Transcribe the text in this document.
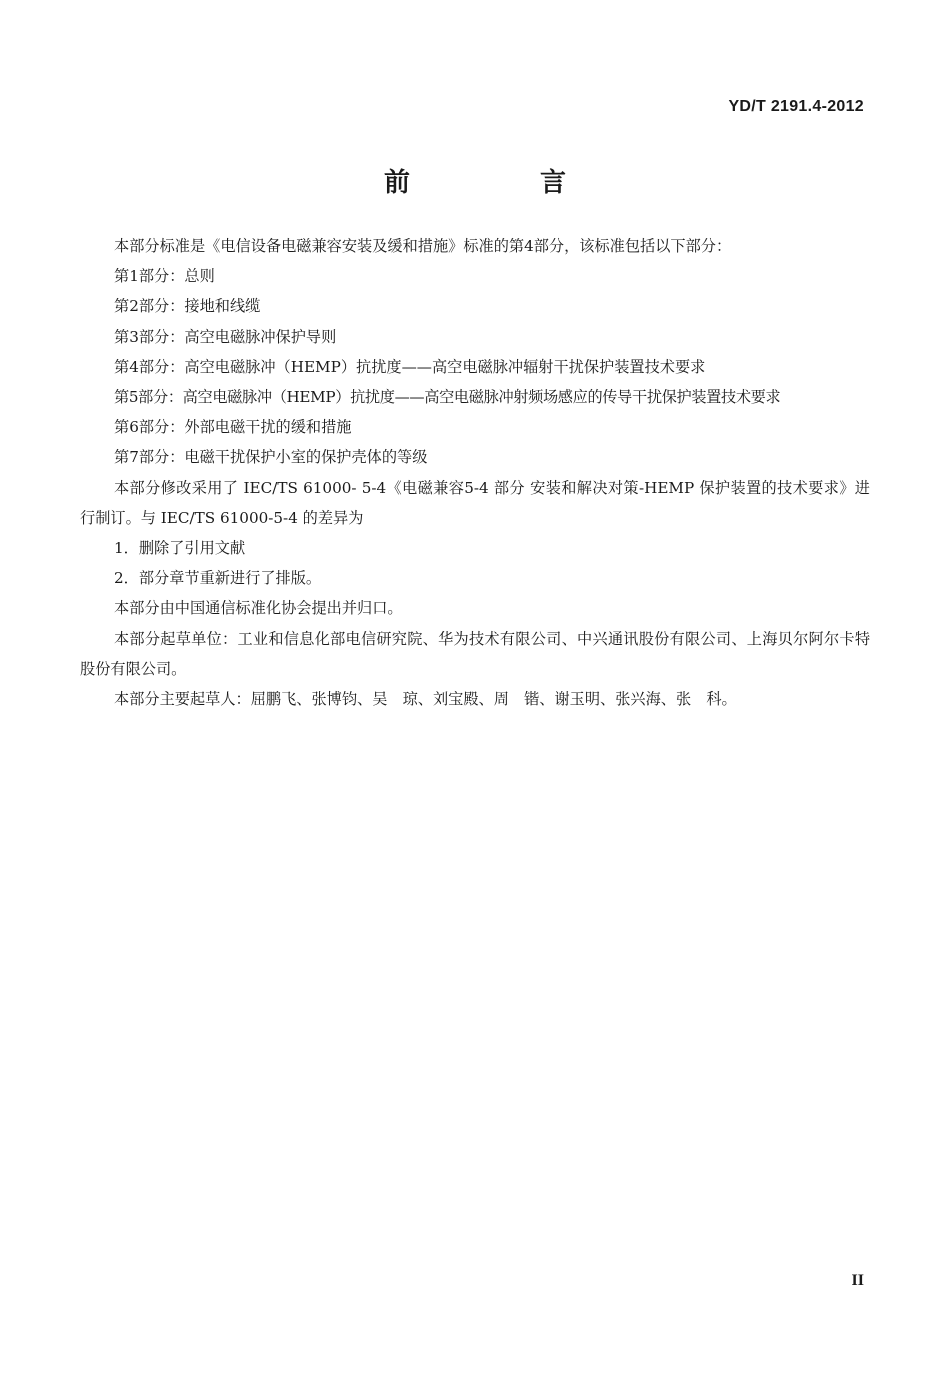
YD/T 2191.4-2012
前　言

本部分标准是《电信设备电磁兼容安装及缓和措施》标准的第4部分，该标准包括以下部分：

第1部分：总则

第2部分：接地和线缆

第3部分：高空电磁脉冲保护导则

第4部分：高空电磁脉冲（HEMP）抗扰度——高空电磁脉冲辐射干扰保护装置技术要求

第5部分：高空电磁脉冲（HEMP）抗扰度——高空电磁脉冲射频场感应的传导干扰保护装置技术要求

第6部分：外部电磁干扰的缓和措施

第7部分：电磁干扰保护小室的保护壳体的等级

本部分修改采用了 IEC/TS 61000- 5-4《电磁兼容5-4 部分 安装和解决对策-HEMP 保护装置的技术要求》进行制订。与 IEC/TS 61000-5-4 的差异为

1．删除了引用文献

2．部分章节重新进行了排版。

本部分由中国通信标准化协会提出并归口。

本部分起草单位：工业和信息化部电信研究院、华为技术有限公司、中兴通讯股份有限公司、上海贝尔阿尔卡特股份有限公司。

本部分主要起草人：屈鹏飞、张博钧、吴　琼、刘宝殿、周　锴、谢玉明、张兴海、张　科。

II
